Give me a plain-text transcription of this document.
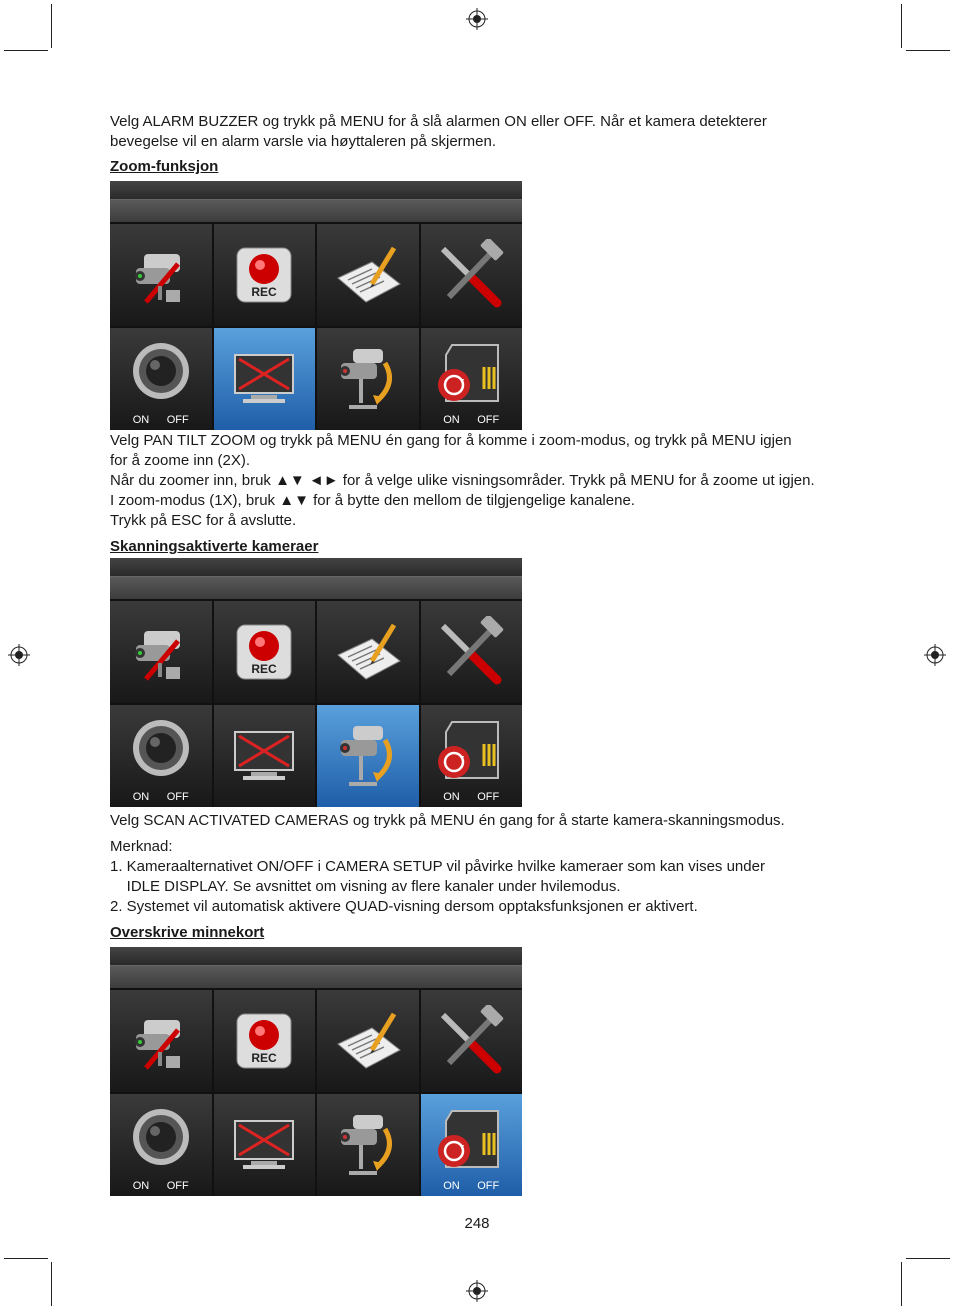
Velg ALARM BUZZER og trykk på MENU for å slå alarmen ON eller OFF. Når et kamera detekterer

bevegelse vil en alarm varsle via høyttaleren på skjermen.

Zoom-funksjon
REC
ON OFF	ON OFF

Velg PAN TILT ZOOM og trykk på MENU én gang for å komme i zoom-modus, og trykk på MENU igjen

for å zoome inn (2X).

Når du zoomer inn, bruk ▲▼ ◄► for å velge ulike visningsområder. Trykk på MENU for å zoome ut igjen.

I zoom-modus (1X), bruk ▲▼ for å bytte den mellom de tilgjengelige kanalene.

Trykk på ESC for å avslutte.

Skanningsaktiverte kameraer
REC
ON OFF	ON OFF

Velg SCAN ACTIVATED CAMERAS og trykk på MENU én gang for å starte kamera-skanningsmodus.

Merknad:

1. Kameraalternativet ON/OFF i CAMERA SETUP vil påvirke hvilke kameraer som kan vises under

IDLE DISPLAY. Se avsnittet om visning av flere kanaler under hvilemodus.

2. Systemet vil automatisk aktivere QUAD-visning dersom opptaksfunksjonen er aktivert.

Overskrive minnekort
REC
ON OFF	ON OFF
248
